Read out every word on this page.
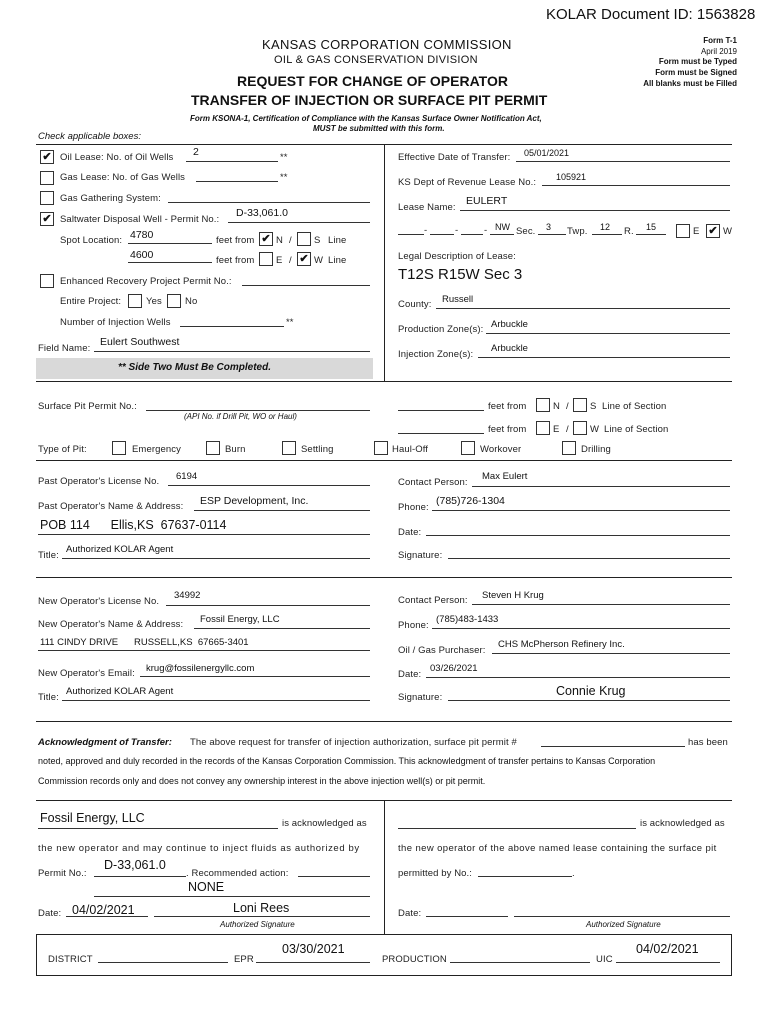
KOLAR Document ID: 1563828
KANSAS CORPORATION COMMISSION
OIL & GAS CONSERVATION DIVISION
REQUEST FOR CHANGE OF OPERATOR
TRANSFER OF INJECTION OR SURFACE PIT PERMIT
Form T-1
April 2019
Form must be Typed
Form must be Signed
All blanks must be Filled
Form KSONA-1, Certification of Compliance with the Kansas Surface Owner Notification Act,
MUST be submitted with this form.
Check applicable boxes:
** Side Two Must Be Completed.
✔ Oil Lease: No. of Oil Wells 2	**
Gas Lease: No. of Gas Wells	**
Gas Gathering System:
✔ Saltwater Disposal Well - Permit No.:
D-33,061.0
Spot Location: 4780	feet from ✔ N / S Line
4600	feet from E / ✔ W Line
Enhanced Recovery Project Permit No.:
Entire Project:	Yes No
Number of Injection Wells	**
Field Name:
Eulert Southwest
Effective Date of Transfer: 05/01/2021
KS Dept of Revenue Lease No.: 105921
Lease Name:
EULERT
-	-	- NW Sec. 3 Twp. 12 R. 15	E ✔ W
Legal Description of Lease:
T12S R15W Sec 3
County: Russell
Production Zone(s): Arbuckle
Injection Zone(s):
Arbuckle
Surface Pit Permit No.:
(API No. if Drill Pit, WO or Haul)
feet from	N / S Line of Section
feet from	E / W Line of Section
Type of Pit:	Emergency	Burn	Settling	Haul-Off	Workover	Drilling
Past Operator's License No. 6194
Past Operator's Name & Address: ESP Development, Inc.
POB 114      Ellis,KS  67637-0114
Title:
Authorized KOLAR Agent
Contact Person:
Max Eulert
Phone:
(785)726-1304
Date:
Signature:
New Operator's License No.
34992
New Operator's Name & Address: Fossil Energy, LLC
111 CINDY DRIVE      RUSSELL,KS  67665-3401
New Operator's Email: krug@fossilenergyllc.com
Title:
Authorized KOLAR Agent
Contact Person: Steven H Krug
Phone:
(785)483-1433
Oil / Gas Purchaser:
CHS McPherson Refinery Inc.
Date:
03/26/2021
Signature:	Connie Krug
Acknowledgment of Transfer: The above request for transfer of injection authorization, surface pit permit #	has been
noted, approved and duly recorded in the records of the Kansas Corporation Commission. This acknowledgment of transfer pertains to Kansas Corporation
Commission records only and does not convey any ownership interest in the above injection well(s) or pit permit.
Fossil Energy, LLC	is acknowledged as
the new operator and may continue to inject fluids as authorized by
Permit No.:
D-33,061.0
. Recommended action:
NONE
Date: 04/02/2021	Loni Rees
Authorized Signature
is acknowledged as
the new operator of the above named lease containing the surface pit
permitted by No.:	.
Date:
Authorized Signature
DISTRICT	EPR
03/30/2021
PRODUCTION	UIC
04/02/2021
